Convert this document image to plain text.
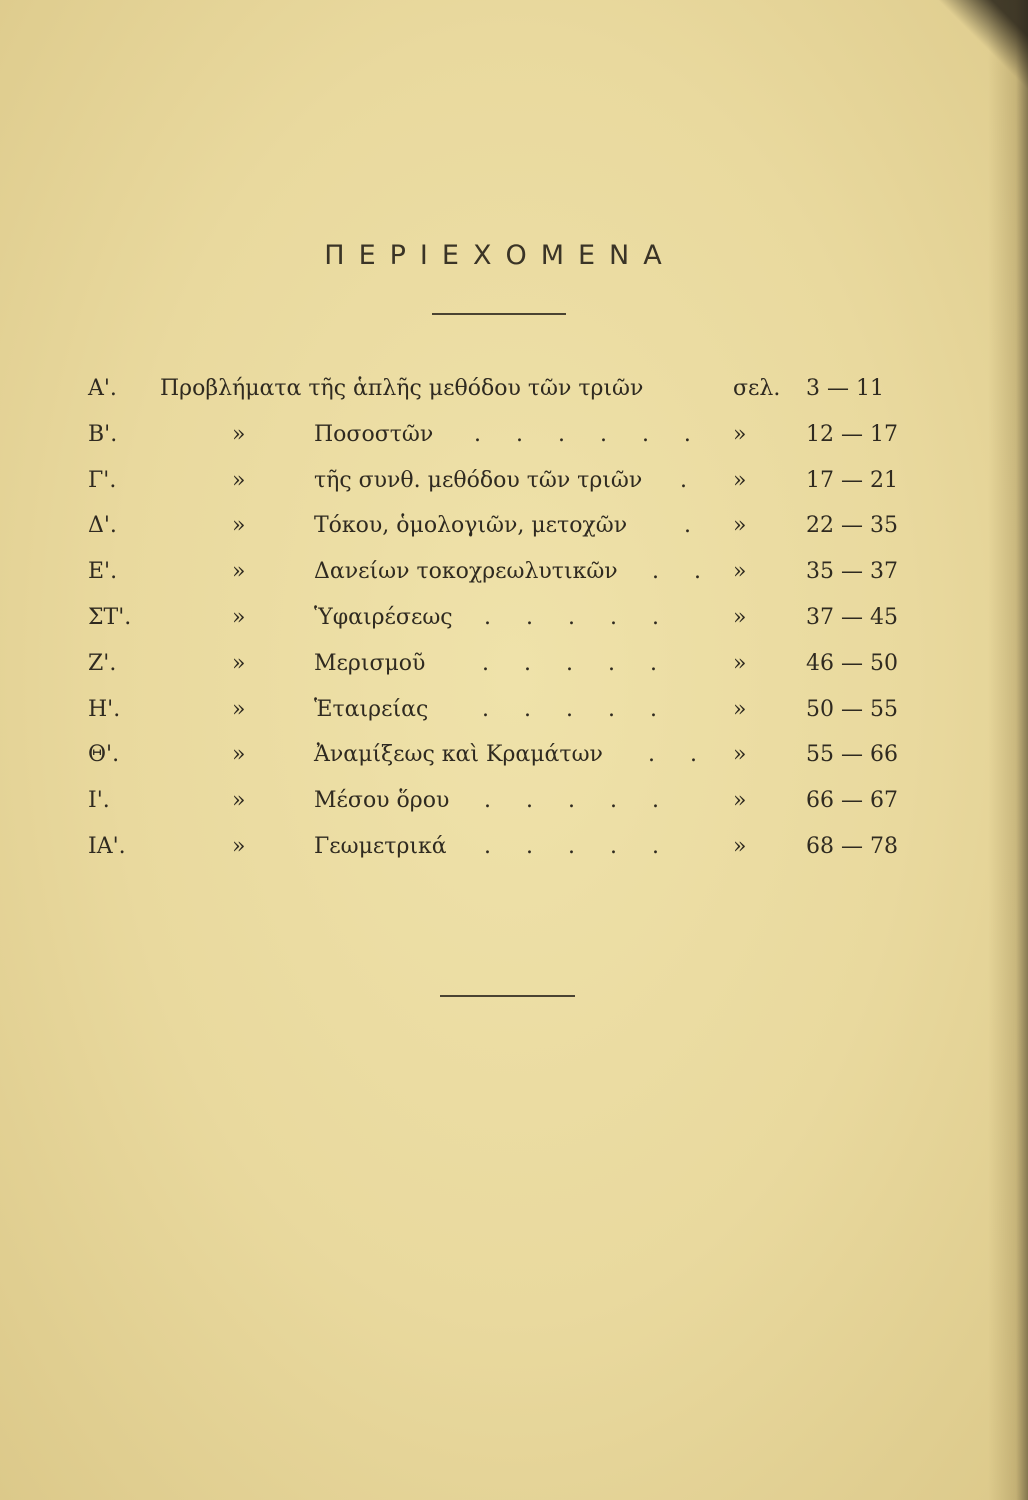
ΠΕΡΙΕΧΟΜΕΝΑ
Α'. Προβλήματα τῆς ἁπλῆς μεθόδου τῶν τριῶν	σελ. 3 — 11
Β'.	»	Ποσοστῶν . . . . . . »	12 — 17
Γ'.	»	τῆς συνθ. μεθόδου τῶν τριῶν . »	17 — 21
Δ'.	»	Τόκου, ὁμολογιῶν, μετοχῶν	. »	22 — 35
Ε'.	»	Δανείων τοκοχρεωλυτικῶν . . »	35 — 37
ΣΤ'.	»	Ὑφαιρέσεως . . . . .	»	37 — 45
Ζ'.	»	Μερισμοῦ	. . . . .	»	46 — 50
Η'.	»	Ἑταιρείας . . . . .	»	50 — 55
Θ'.	»	Ἀναμίξεως καὶ Κραμάτων . . »	55 — 66
Ι'.	»	Μέσου ὅρου . . . . .	»	66 — 67
ΙΑ'.	»	Γεωμετρικά . . . . .	»	68 — 78
